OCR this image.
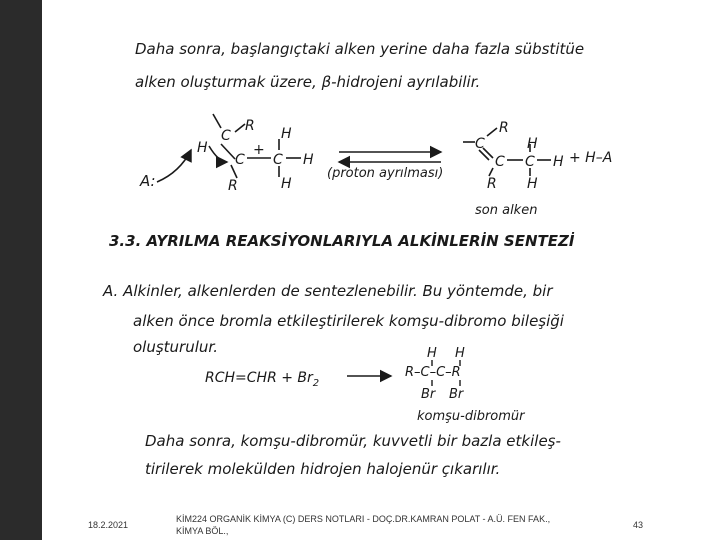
Daha sonra, başlangıçtaki alken yerine daha fazla sübstitüe
alken oluşturmak üzere, β-hidrojeni ayrılabilir.
C
R
H
C
+
C
H
H
H
R
A:	(proton ayrılması)
C
R
C C
H
H
H
R
+ H–A
son alken
3.3. AYRILMA REAKSİYONLARIYLA ALKİNLERİN SENTEZİ
A. Alkinler, alkenlerden de sentezlenebilir. Bu yöntemde, bir
alken önce bromla etkileştirilerek komşu-dibromo bileşiği
oluşturulur.
$RCH=CHR + Br_2$
H H
R–C–C–R
Br Br
komşu-dibromür
Daha sonra, komşu-dibromür, kuvvetli bir bazla etkileş-
tirilerek molekülden hidrojen halojenür çıkarılır.
18.2.2021
KİM224 ORGANİK KİMYA (C) DERS NOTLARI - DOÇ.DR.KAMRAN POLAT - A.Ü. FEN FAK., KİMYA BÖL.,
43
